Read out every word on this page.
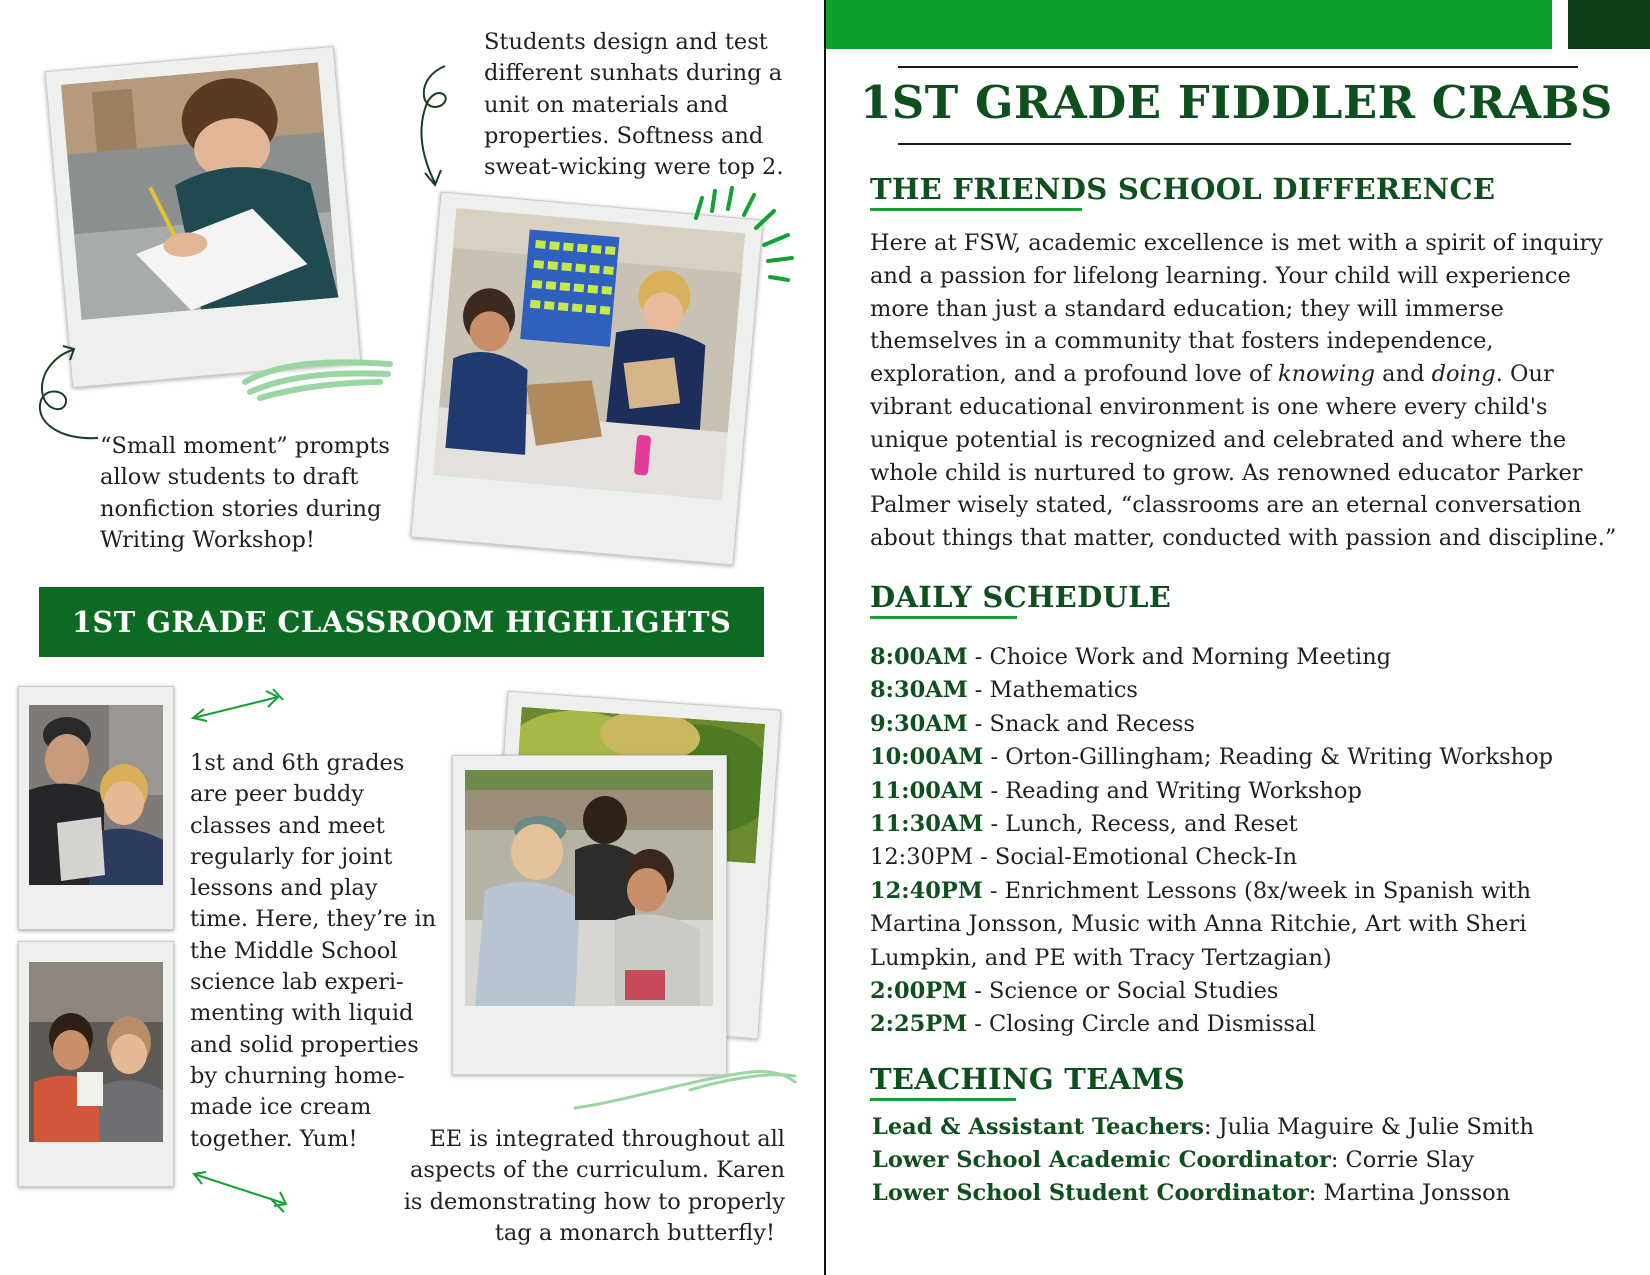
1ST GRADE FIDDLER CRABS
THE FRIENDS SCHOOL DIFFERENCE
Here at FSW, academic excellence is met with a spirit of inquiry
and a passion for lifelong learning. Your child will experience
more than just a standard education; they will immerse
themselves in a community that fosters independence,
exploration, and a profound love of knowing and doing. Our
vibrant educational environment is one where every child's
unique potential is recognized and celebrated and where the
whole child is nurtured to grow. As renowned educator Parker
Palmer wisely stated, “classrooms are an eternal conversation
about things that matter, conducted with passion and discipline.”
DAILY SCHEDULE
8:00AM - Choice Work and Morning Meeting
8:30AM - Mathematics
9:30AM - Snack and Recess
10:00AM - Orton-Gillingham; Reading & Writing Workshop
11:00AM - Reading and Writing Workshop
11:30AM - Lunch, Recess, and Reset
12:30PM - Social-Emotional Check-In
12:40PM - Enrichment Lessons (8x/week in Spanish with
Martina Jonsson, Music with Anna Ritchie, Art with Sheri
Lumpkin, and PE with Tracy Tertzagian)
2:00PM - Science or Social Studies
2:25PM - Closing Circle and Dismissal
TEACHING TEAMS
Lead & Assistant Teachers: Julia Maguire & Julie Smith
Lower School Academic Coordinator: Corrie Slay
Lower School Student Coordinator: Martina Jonsson
Students design and test
different sunhats during a
unit on materials and
properties. Softness and
sweat-wicking were top 2.
“Small moment” prompts
allow students to draft
nonfiction stories during
Writing Workshop!
1ST GRADE CLASSROOM HIGHLIGHTS
1st and 6th grades
are peer buddy
classes and meet
regularly for joint
lessons and play
time. Here, they’re in
the Middle School
science lab experi-
menting with liquid
and solid properties
by churning home-
made ice cream
together. Yum!	EE is integrated throughout all
aspects of the curriculum. Karen
is demonstrating how to properly
tag a monarch butterfly!
